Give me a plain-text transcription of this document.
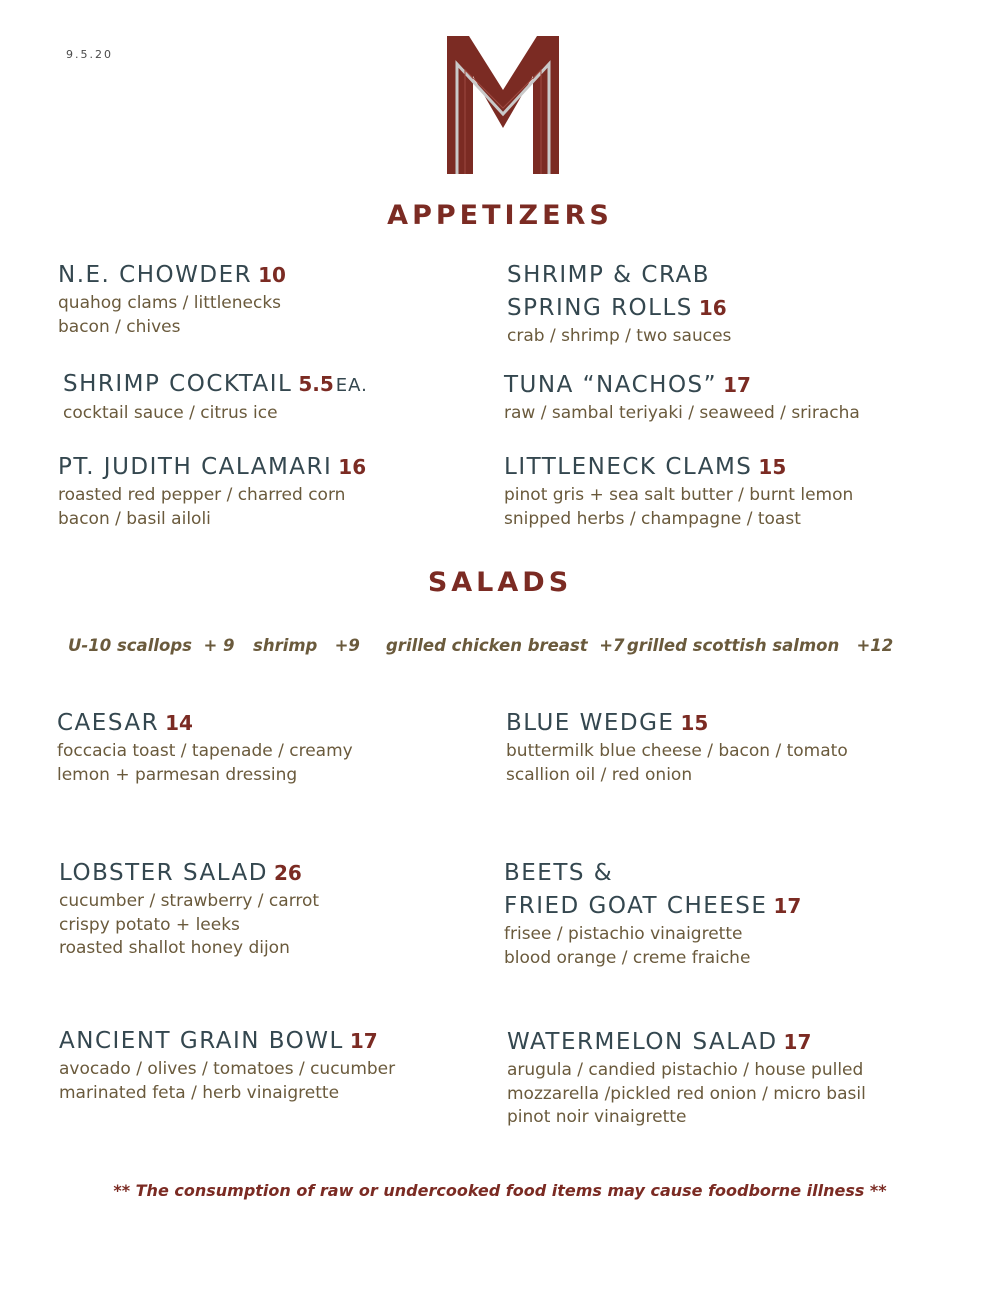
9.5.20
APPETIZERS
N.E. CHOWDER 10
quahog clams / littlenecks
bacon / chives
SHRIMP & CRAB
SPRING ROLLS 16
crab / shrimp / two sauces
SHRIMP COCKTAIL 5.5 EA.
cocktail sauce / citrus ice
TUNA “NACHOS” 17
raw / sambal teriyaki / seaweed / sriracha
PT. JUDITH CALAMARI 16
roasted red pepper / charred corn
bacon / basil ailoli
LITTLENECK CLAMS 15
pinot gris + sea salt butter / burnt lemon
snipped herbs / champagne / toast
SALADS
U-10 scallops + 9 shrimp +9 grilled chicken breast +7 grilled scottish salmon +12
CAESAR 14
foccacia toast / tapenade / creamy
lemon + parmesan dressing
BLUE WEDGE 15
buttermilk blue cheese / bacon / tomato
scallion oil / red onion
LOBSTER SALAD 26
cucumber / strawberry / carrot
crispy potato + leeks
roasted shallot honey dijon
BEETS &
FRIED GOAT CHEESE 17
frisee / pistachio vinaigrette
blood orange / creme fraiche
ANCIENT GRAIN BOWL 17
avocado / olives / tomatoes / cucumber
marinated feta / herb vinaigrette
WATERMELON SALAD 17
arugula / candied pistachio / house pulled
mozzarella /pickled red onion / micro basil
pinot noir vinaigrette
** The consumption of raw or undercooked food items may cause foodborne illness **
